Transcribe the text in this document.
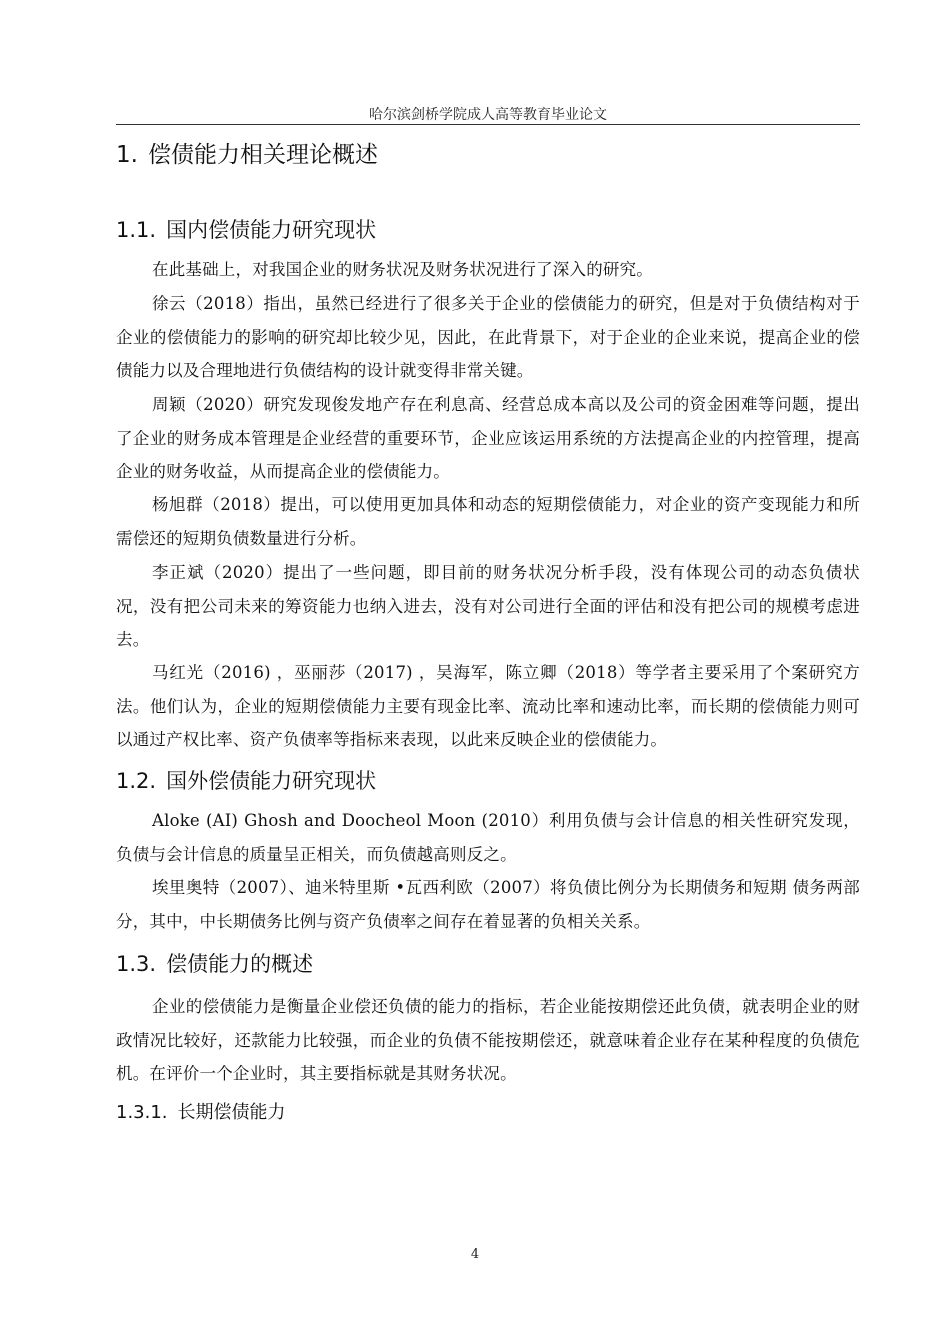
哈尔滨剑桥学院成人高等教育毕业论文
1. 偿债能力相关理论概述
1.1. 国内偿债能力研究现状

在此基础上，对我国企业的财务状况及财务状况进行了深入的研究。

徐云（2018）指出，虽然已经进行了很多关于企业的偿债能力的研究，但是对于负债结构对于企业的偿债能力的影响的研究却比较少见，因此，在此背景下，对于企业的企业来说，提高企业的偿债能力以及合理地进行负债结构的设计就变得非常关键。

周颖（2020）研究发现俊发地产存在利息高、经营总成本高以及公司的资金困难等问题，提出了企业的财务成本管理是企业经营的重要环节，企业应该运用系统的方法提高企业的内控管理，提高企业的财务收益，从而提高企业的偿债能力。

杨旭群（2018）提出，可以使用更加具体和动态的短期偿债能力，对企业的资产变现能力和所需偿还的短期负债数量进行分析。

李正斌（2020）提出了一些问题，即目前的财务状况分析手段，没有体现公司的动态负债状况，没有把公司未来的筹资能力也纳入进去，没有对公司进行全面的评估和没有把公司的规模考虑进去。

马红光（2016) ，巫丽莎（2017) ，吴海军，陈立卿（2018）等学者主要采用了个案研究方法。他们认为，企业的短期偿债能力主要有现金比率、流动比率和速动比率，而长期的偿债能力则可以通过产权比率、资产负债率等指标来表现，以此来反映企业的偿债能力。

1.2. 国外偿债能力研究现状

Aloke (AI) Ghosh and Doocheol Moon (2010）利用负债与会计信息的相关性研究发现，负债与会计信息的质量呈正相关，而负债越高则反之。

埃里奥特（2007）、迪米特里斯 •瓦西利欧（2007）将负债比例分为长期债务和短期 债务两部分，其中，中长期债务比例与资产负债率之间存在着显著的负相关关系。

1.3. 偿债能力的概述

企业的偿债能力是衡量企业偿还负债的能力的指标，若企业能按期偿还此负债，就表明企业的财政情况比较好，还款能力比较强，而企业的负债不能按期偿还，就意味着企业存在某种程度的负债危机。在评价一个企业时，其主要指标就是其财务状况。

1.3.1. 长期偿债能力
4
